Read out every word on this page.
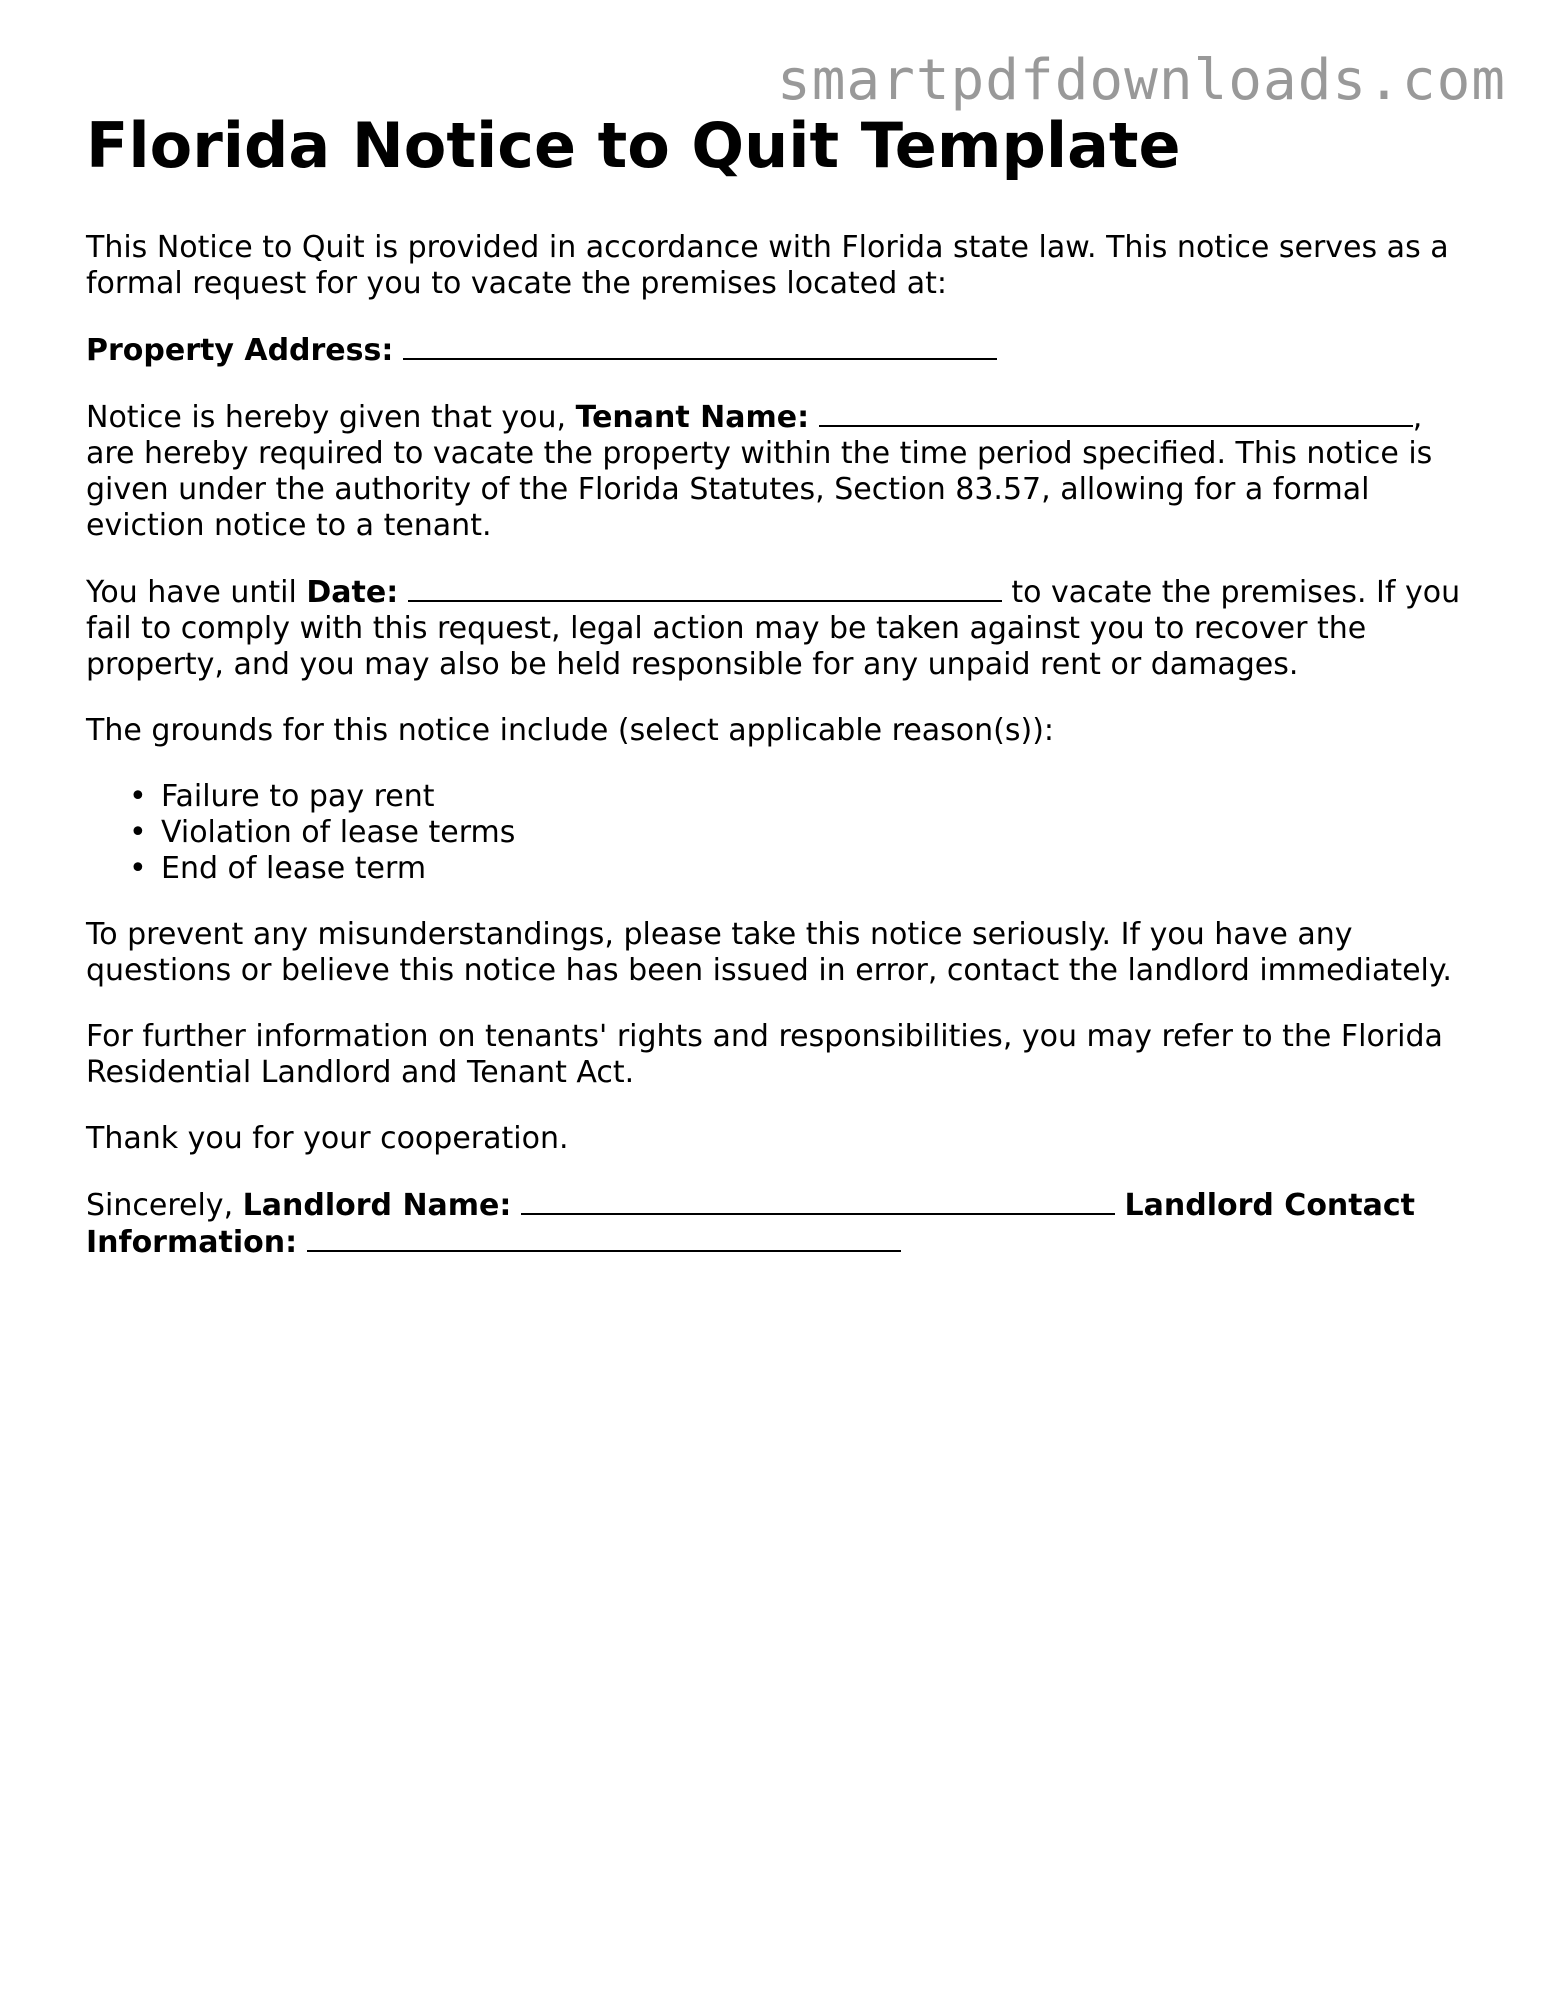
smartpdfdownloads.com
Florida Notice to Quit Template

This Notice to Quit is provided in accordance with Florida state law. This notice serves as a formal request for you to vacate the premises located at:

Property Address:

Notice is hereby given that you, Tenant Name:	, are hereby required to vacate the property within the time period specified. This notice is given under the authority of the Florida Statutes, Section 83.57, allowing for a formal eviction notice to a tenant.

You have until Date:	to vacate the premises. If you fail to comply with this request, legal action may be taken against you to recover the property, and you may also be held responsible for any unpaid rent or damages.

The grounds for this notice include (select applicable reason(s)):

• Failure to pay rent
• Violation of lease terms
• End of lease term

To prevent any misunderstandings, please take this notice seriously. If you have any questions or believe this notice has been issued in error, contact the landlord immediately.

For further information on tenants' rights and responsibilities, you may refer to the Florida Residential Landlord and Tenant Act.

Thank you for your cooperation.

Sincerely, Landlord Name:	Landlord Contact Information:
